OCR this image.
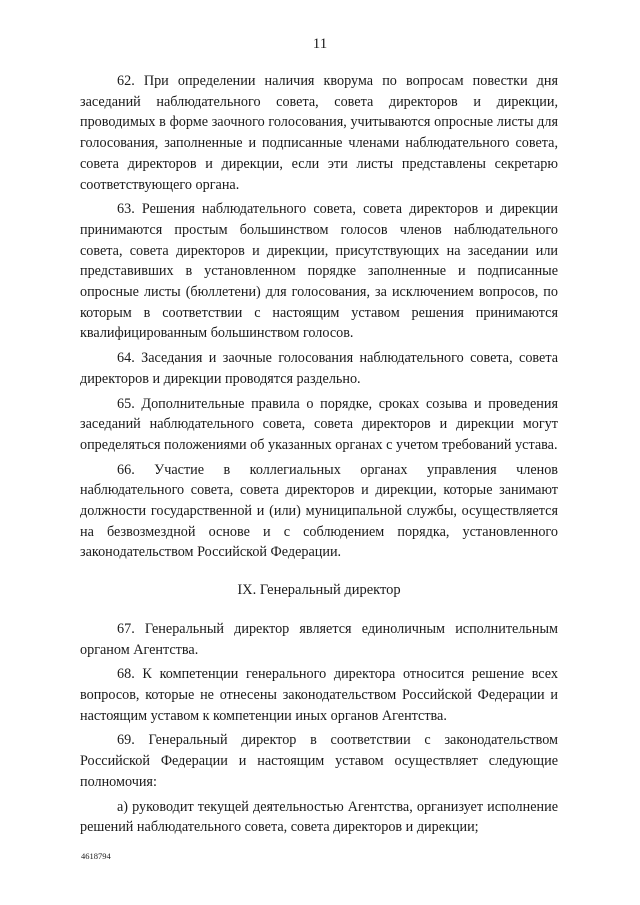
11

62. При определении наличия кворума по вопросам повестки дня заседаний наблюдательного совета, совета директоров и дирекции, проводимых в форме заочного голосования, учитываются опросные листы для голосования, заполненные и подписанные членами наблюдательного совета, совета директоров и дирекции, если эти листы представлены секретарю соответствующего органа.

63. Решения наблюдательного совета, совета директоров и дирекции принимаются простым большинством голосов членов наблюдательного совета, совета директоров и дирекции, присутствующих на заседании или представивших в установленном порядке заполненные и подписанные опросные листы (бюллетени) для голосования, за исключением вопросов, по которым в соответствии с настоящим уставом решения принимаются квалифицированным большинством голосов.

64. Заседания и заочные голосования наблюдательного совета, совета директоров и дирекции проводятся раздельно.

65. Дополнительные правила о порядке, сроках созыва и проведения заседаний наблюдательного совета, совета директоров и дирекции могут определяться положениями об указанных органах с учетом требований устава.

66. Участие в коллегиальных органах управления членов наблюдательного совета, совета директоров и дирекции, которые занимают должности государственной и (или) муниципальной службы, осуществляется на безвозмездной основе и с соблюдением порядка, установленного законодательством Российской Федерации.

IX. Генеральный директор

67. Генеральный директор является единоличным исполнительным органом Агентства.

68. К компетенции генерального директора относится решение всех вопросов, которые не отнесены законодательством Российской Федерации и настоящим уставом к компетенции иных органов Агентства.

69. Генеральный директор в соответствии с законодательством Российской Федерации и настоящим уставом осуществляет следующие полномочия:

а) руководит текущей деятельностью Агентства, организует исполнение решений наблюдательного совета, совета директоров и дирекции;

4618794
